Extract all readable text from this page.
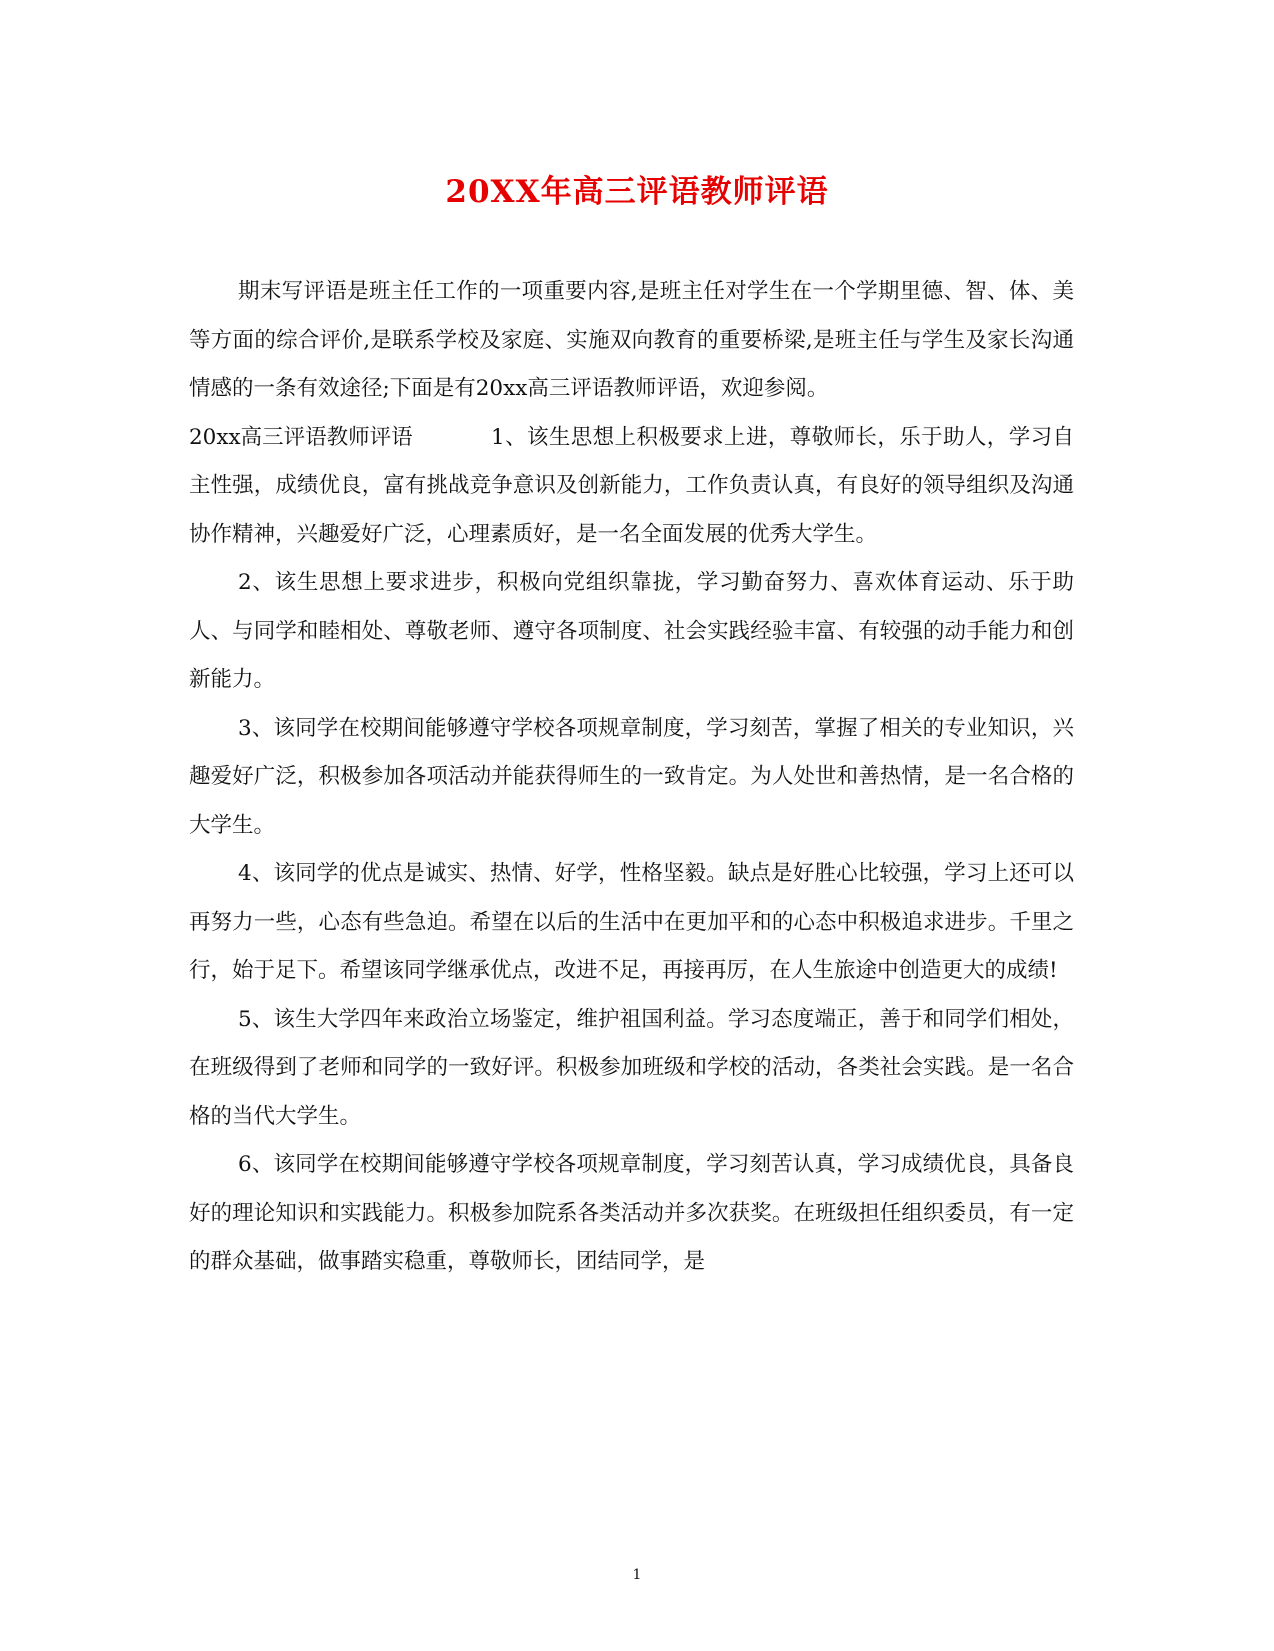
20XX年高三评语教师评语

期末写评语是班主任工作的一项重要内容,是班主任对学生在一个学期里德、智、体、美等方面的综合评价,是联系学校及家庭、实施双向教育的重要桥梁,是班主任与学生及家长沟通情感的一条有效途径;下面是有20xx高三评语教师评语，欢迎参阅。

20xx高三评语教师评语	1、该生思想上积极要求上进，尊敬师长，乐于助人，学习自主性强，成绩优良，富有挑战竞争意识及创新能力，工作负责认真，有良好的领导组织及沟通协作精神，兴趣爱好广泛，心理素质好，是一名全面发展的优秀大学生。

2、该生思想上要求进步，积极向党组织靠拢，学习勤奋努力、喜欢体育运动、乐于助人、与同学和睦相处、尊敬老师、遵守各项制度、社会实践经验丰富、有较强的动手能力和创新能力。

3、该同学在校期间能够遵守学校各项规章制度，学习刻苦，掌握了相关的专业知识，兴趣爱好广泛，积极参加各项活动并能获得师生的一致肯定。为人处世和善热情，是一名合格的大学生。

4、该同学的优点是诚实、热情、好学，性格坚毅。缺点是好胜心比较强，学习上还可以再努力一些，心态有些急迫。希望在以后的生活中在更加平和的心态中积极追求进步。千里之行，始于足下。希望该同学继承优点，改进不足，再接再厉，在人生旅途中创造更大的成绩!

5、该生大学四年来政治立场鉴定，维护祖国利益。学习态度端正，善于和同学们相处，在班级得到了老师和同学的一致好评。积极参加班级和学校的活动，各类社会实践。是一名合格的当代大学生。

6、该同学在校期间能够遵守学校各项规章制度，学习刻苦认真，学习成绩优良，具备良好的理论知识和实践能力。积极参加院系各类活动并多次获奖。在班级担任组织委员，有一定的群众基础，做事踏实稳重，尊敬师长，团结同学，是

1
